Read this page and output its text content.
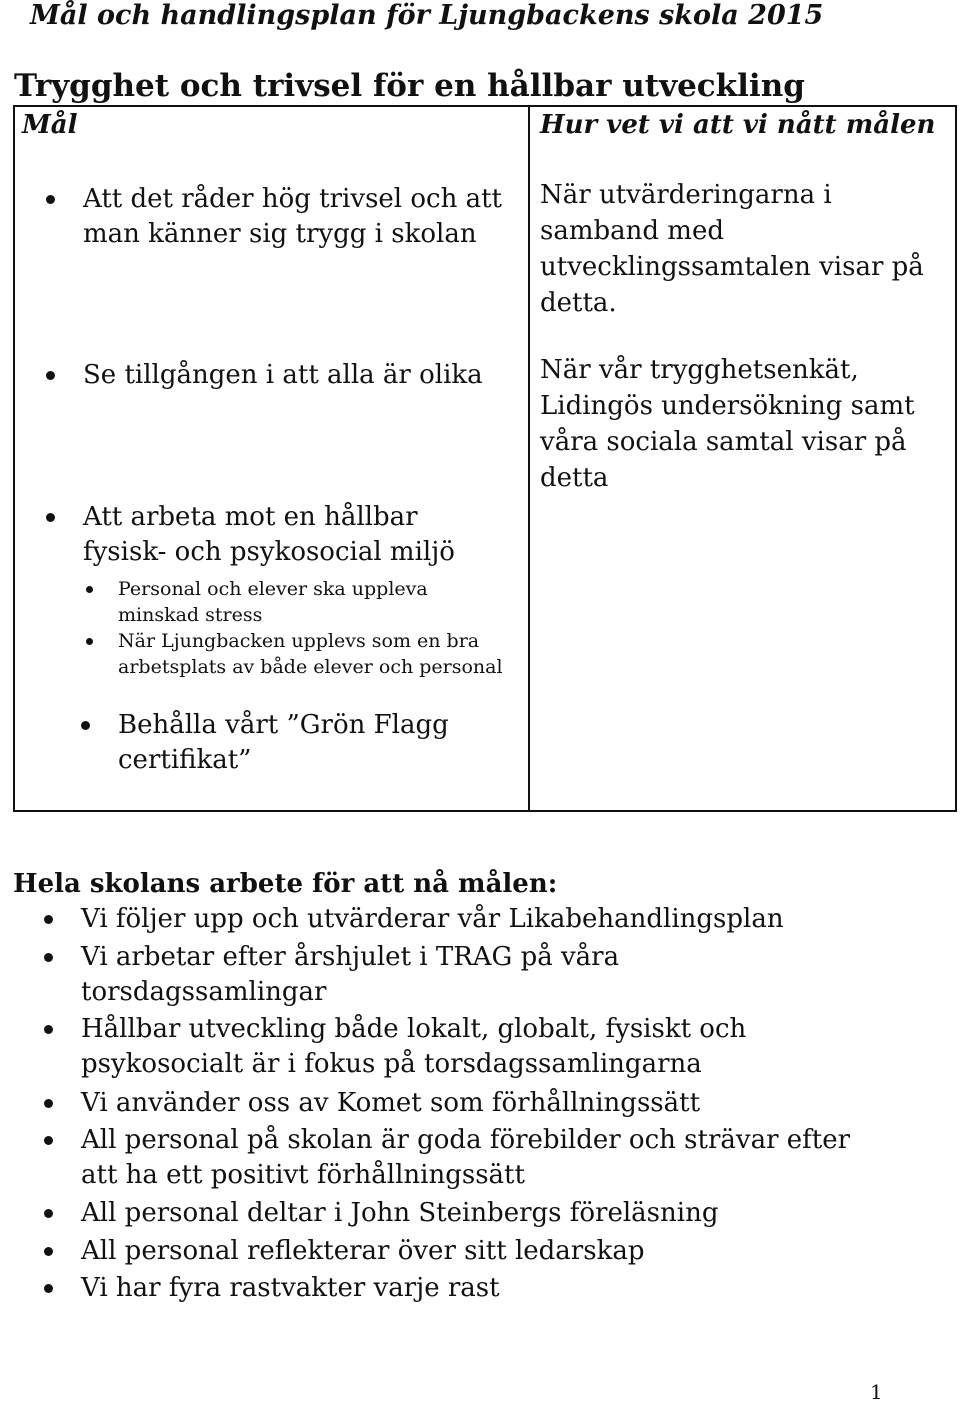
Mål och handlingsplan för Ljungbackens skola 2015
Trygghet och trivsel för en hållbar utveckling
Mål	Hur vet vi att vi nått målen
Att det råder hög trivsel och att man känner sig trygg i skolan
Se tillgången i att alla är olika
Att arbeta mot en hållbar fysisk- och psykosocial miljö
Personal och elever ska uppleva minskad stress
När Ljungbacken upplevs som en bra arbetsplats av både elever och personal
Behålla vårt ”Grön Flagg certifikat”
När utvärderingarna i samband med utvecklingssamtalen visar på detta.
När vår trygghetsenkät, Lidingös undersökning samt våra sociala samtal visar på detta
Hela skolans arbete för att nå målen:
Vi följer upp och utvärderar vår Likabehandlingsplan
Vi arbetar efter årshjulet i TRAG på våra torsdagssamlingar
Hållbar utveckling både lokalt, globalt, fysiskt och psykosocialt är i fokus på torsdagssamlingarna
Vi använder oss av Komet som förhållningssätt
All personal på skolan är goda förebilder och strävar efter att ha ett positivt förhållningssätt
All personal deltar i John Steinbergs föreläsning
All personal reflekterar över sitt ledarskap
Vi har fyra rastvakter varje rast
1
